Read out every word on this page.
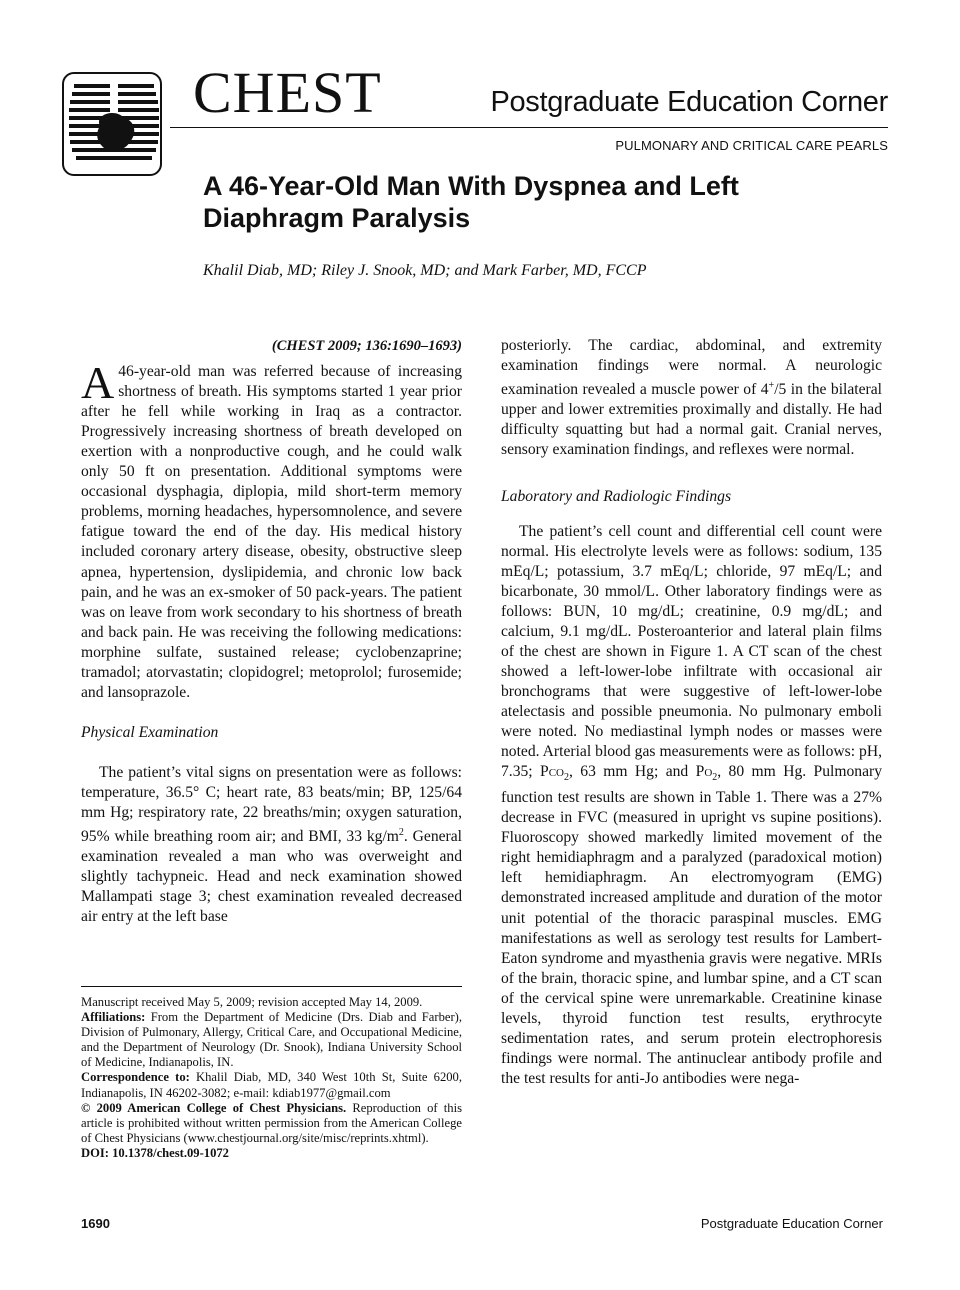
CHEST	Postgraduate Education Corner
PULMONARY AND CRITICAL CARE PEARLS
A 46-Year-Old Man With Dyspnea and Left Diaphragm Paralysis
Khalil Diab, MD; Riley J. Snook, MD; and Mark Farber, MD, FCCP
(CHEST 2009; 136:1690–1693)

A 46-year-old man was referred because of increasing shortness of breath. His symptoms started 1 year prior after he fell while working in Iraq as a contractor. Progressively increasing shortness of breath developed on exertion with a nonproductive cough, and he could walk only 50 ft on presentation. Additional symptoms were occasional dysphagia, diplopia, mild short-term memory problems, morning headaches, hypersomnolence, and severe fatigue toward the end of the day. His medical history included coronary artery disease, obesity, obstructive sleep apnea, hypertension, dyslipidemia, and chronic low back pain, and he was an ex-smoker of 50 pack-years. The patient was on leave from work secondary to his shortness of breath and back pain. He was receiving the following medications: morphine sulfate, sustained release; cyclobenzaprine; tramadol; atorvastatin; clopidogrel; metoprolol; furosemide; and lansoprazole.

Physical Examination

The patient’s vital signs on presentation were as follows: temperature, 36.5° C; heart rate, 83 beats/min; BP, 125/64 mm Hg; respiratory rate, 22 breaths/min; oxygen saturation, 95% while breathing room air; and BMI, 33 $kg/m^2$. General examination revealed a man who was overweight and slightly tachypneic. Head and neck examination showed Mallampati stage 3; chest examination revealed decreased air entry at the left base

Manuscript received May 5, 2009; revision accepted May 14, 2009.

Affiliations: From the Department of Medicine (Drs. Diab and Farber), Division of Pulmonary, Allergy, Critical Care, and Occupational Medicine, and the Department of Neurology (Dr. Snook), Indiana University School of Medicine, Indianapolis, IN.

Correspondence to: Khalil Diab, MD, 340 West 10th St, Suite 6200, Indianapolis, IN 46202-3082; e-mail: kdiab1977@gmail.com

© 2009 American College of Chest Physicians. Reproduction of this article is prohibited without written permission from the American College of Chest Physicians (www.chestjournal.org/site/misc/reprints.xhtml).

DOI: 10.1378/chest.09-1072

posteriorly. The cardiac, abdominal, and extremity examination findings were normal. A neurologic examination revealed a muscle power of 4+/5 in the bilateral upper and lower extremities proximally and distally. He had difficulty squatting but had a normal gait. Cranial nerves, sensory examination findings, and reflexes were normal.

Laboratory and Radiologic Findings

The patient’s cell count and differential cell count were normal. His electrolyte levels were as follows: sodium, 135 mEq/L; potassium, 3.7 mEq/L; chloride, 97 mEq/L; and bicarbonate, 30 mmol/L. Other laboratory findings were as follows: BUN, 10 mg/dL; creatinine, 0.9 mg/dL; and calcium, 9.1 mg/dL. Posteroanterior and lateral plain films of the chest are shown in Figure 1. A CT scan of the chest showed a left-lower-lobe infiltrate with occasional air bronchograms that were suggestive of left-lower-lobe atelectasis and possible pneumonia. No pulmonary emboli were noted. No mediastinal lymph nodes or masses were noted. Arterial blood gas measurements were as follows: pH, 7.35; Pco$_2$, 63 mm Hg; and $Po_2$, 80 mm Hg. Pulmonary function test results are shown in Table 1. There was a 27% decrease in FVC (measured in upright vs supine positions). Fluoroscopy showed markedly limited movement of the right hemidiaphragm and a paralyzed (paradoxical motion) left hemidiaphragm. An electromyogram (EMG) demonstrated increased amplitude and duration of the motor unit potential of the thoracic paraspinal muscles. EMG manifestations as well as serology test results for Lambert-Eaton syndrome and myasthenia gravis were negative. MRIs of the brain, thoracic spine, and lumbar spine, and a CT scan of the cervical spine were unremarkable. Creatinine kinase levels, thyroid function test results, erythrocyte sedimentation rates, and serum protein electrophoresis findings were normal. The antinuclear antibody profile and the test results for anti-Jo antibodies were nega-

1690	Postgraduate Education Corner
